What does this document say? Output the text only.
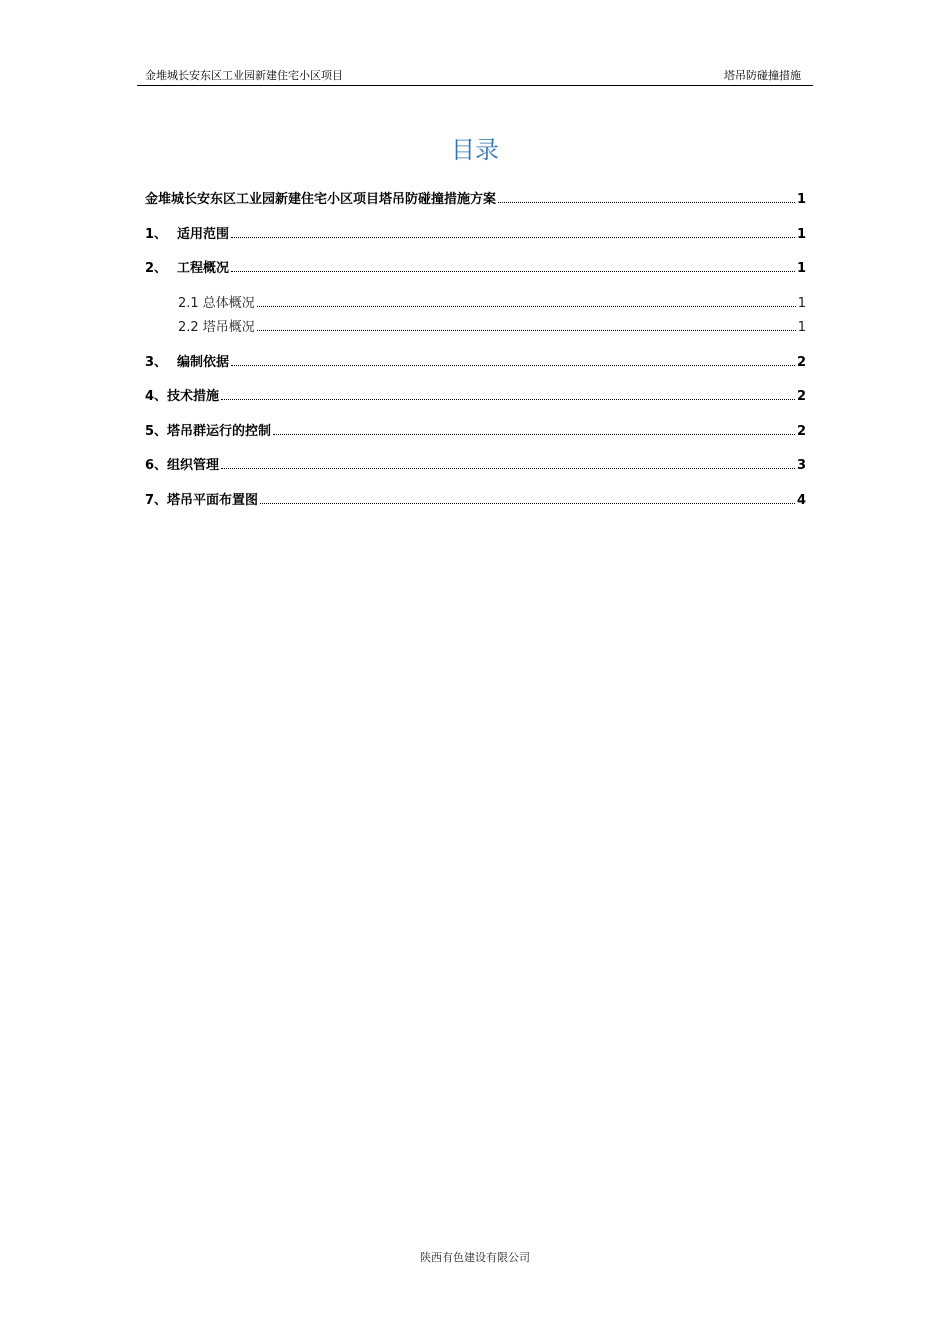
金堆城长安东区工业园新建住宅小区项目	塔吊防碰撞措施
目录
金堆城长安东区工业园新建住宅小区项目塔吊防碰撞措施方案	1
1、 适用范围	1
2、 工程概况	1
2.1 总体概况	1
2.2 塔吊概况	1
3、 编制依据	2
4、技术措施	2
5、塔吊群运行的控制	2
6、组织管理	3
7、塔吊平面布置图	4
陕西有色建设有限公司
